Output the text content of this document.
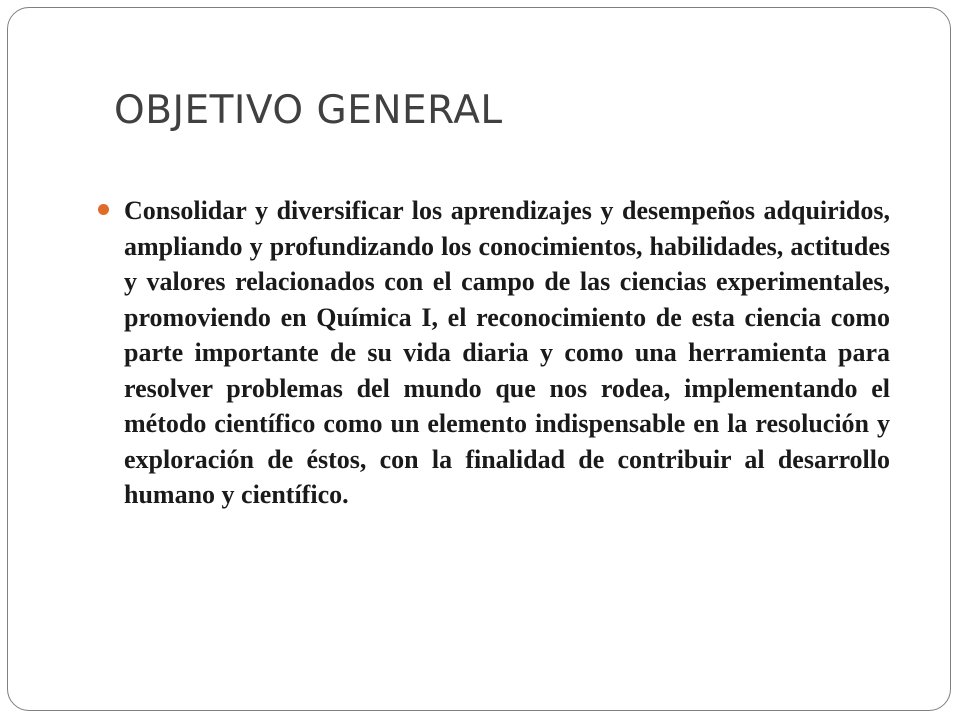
OBJETIVO GENERAL
Consolidar y diversificar los aprendizajes y desempeños adquiridos, ampliando y profundizando los conocimientos, habilidades, actitudes y valores relacionados con el campo de las ciencias experimentales, promoviendo en Química I, el reconocimiento de esta ciencia como parte importante de su vida diaria y como una herramienta para resolver problemas del mundo que nos rodea, implementando el método científico como un elemento indispensable en la resolución y exploración de éstos, con la finalidad de contribuir al desarrollo humano y científico.
